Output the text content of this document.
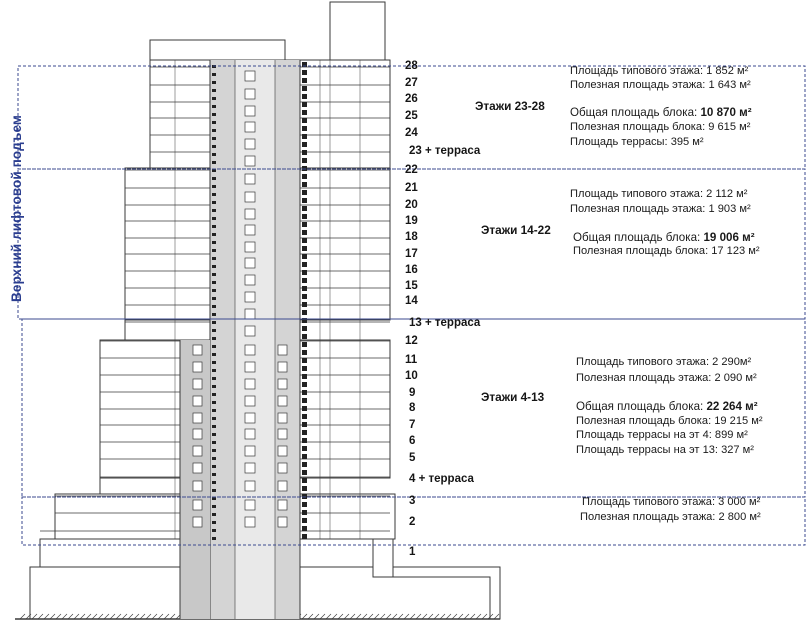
Верхний лифтовой подъем
28
27
26
25
24
23 + терраса
22
21
20
19
18
17
16
15
14
13 + терраса
12
11
10
9
8
7
6
5
4 + терраса
3
2
1
Этажи 23-28
Площадь типового этажа: 1 852 м²
Полезная площадь этажа: 1 643 м²
Общая площадь блока: 10 870 м²
Полезная площадь блока: 9 615 м²
Площадь террасы: 395 м²
Этажи 14-22
Площадь типового этажа: 2 112 м²
Полезная площадь этажа: 1 903 м²
Общая площадь блока: 19 006 м²
Полезная площадь блока: 17 123 м²
Этажи 4-13
Площадь типового этажа: 2 290м²
Полезная площадь этажа: 2 090 м²
Общая площадь блока: 22 264 м²
Полезная площадь блока: 19 215 м²
Площадь террасы на эт 4: 899 м²
Площадь террасы на эт 13: 327 м²
Площадь типового этажа: 3 000 м²
Полезная площадь этажа: 2 800 м²
